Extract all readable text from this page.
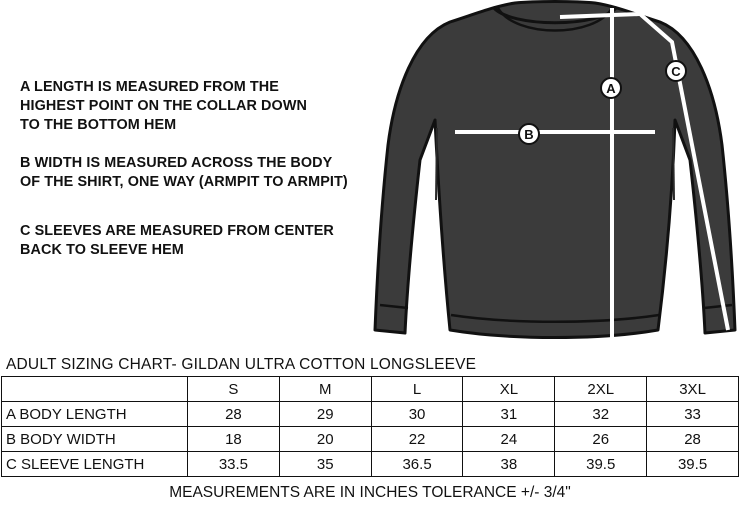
A LENGTH IS MEASURED FROM THE
HIGHEST POINT ON THE COLLAR DOWN
TO THE BOTTOM HEM
B WIDTH IS MEASURED ACROSS THE BODY
OF THE SHIRT, ONE WAY (ARMPIT TO ARMPIT)
C SLEEVES ARE MEASURED FROM CENTER
BACK TO SLEEVE HEM
A
B
C
ADULT SIZING CHART- GILDAN ULTRA COTTON LONGSLEEVE
	S	M	L	XL	2XL	3XL
A BODY LENGTH	28	29	30	31	32	33
B BODY WIDTH	18	20	22	24	26	28
C SLEEVE LENGTH	33.5	35	36.5	38	39.5	39.5
MEASUREMENTS ARE IN INCHES TOLERANCE +/- 3/4"
